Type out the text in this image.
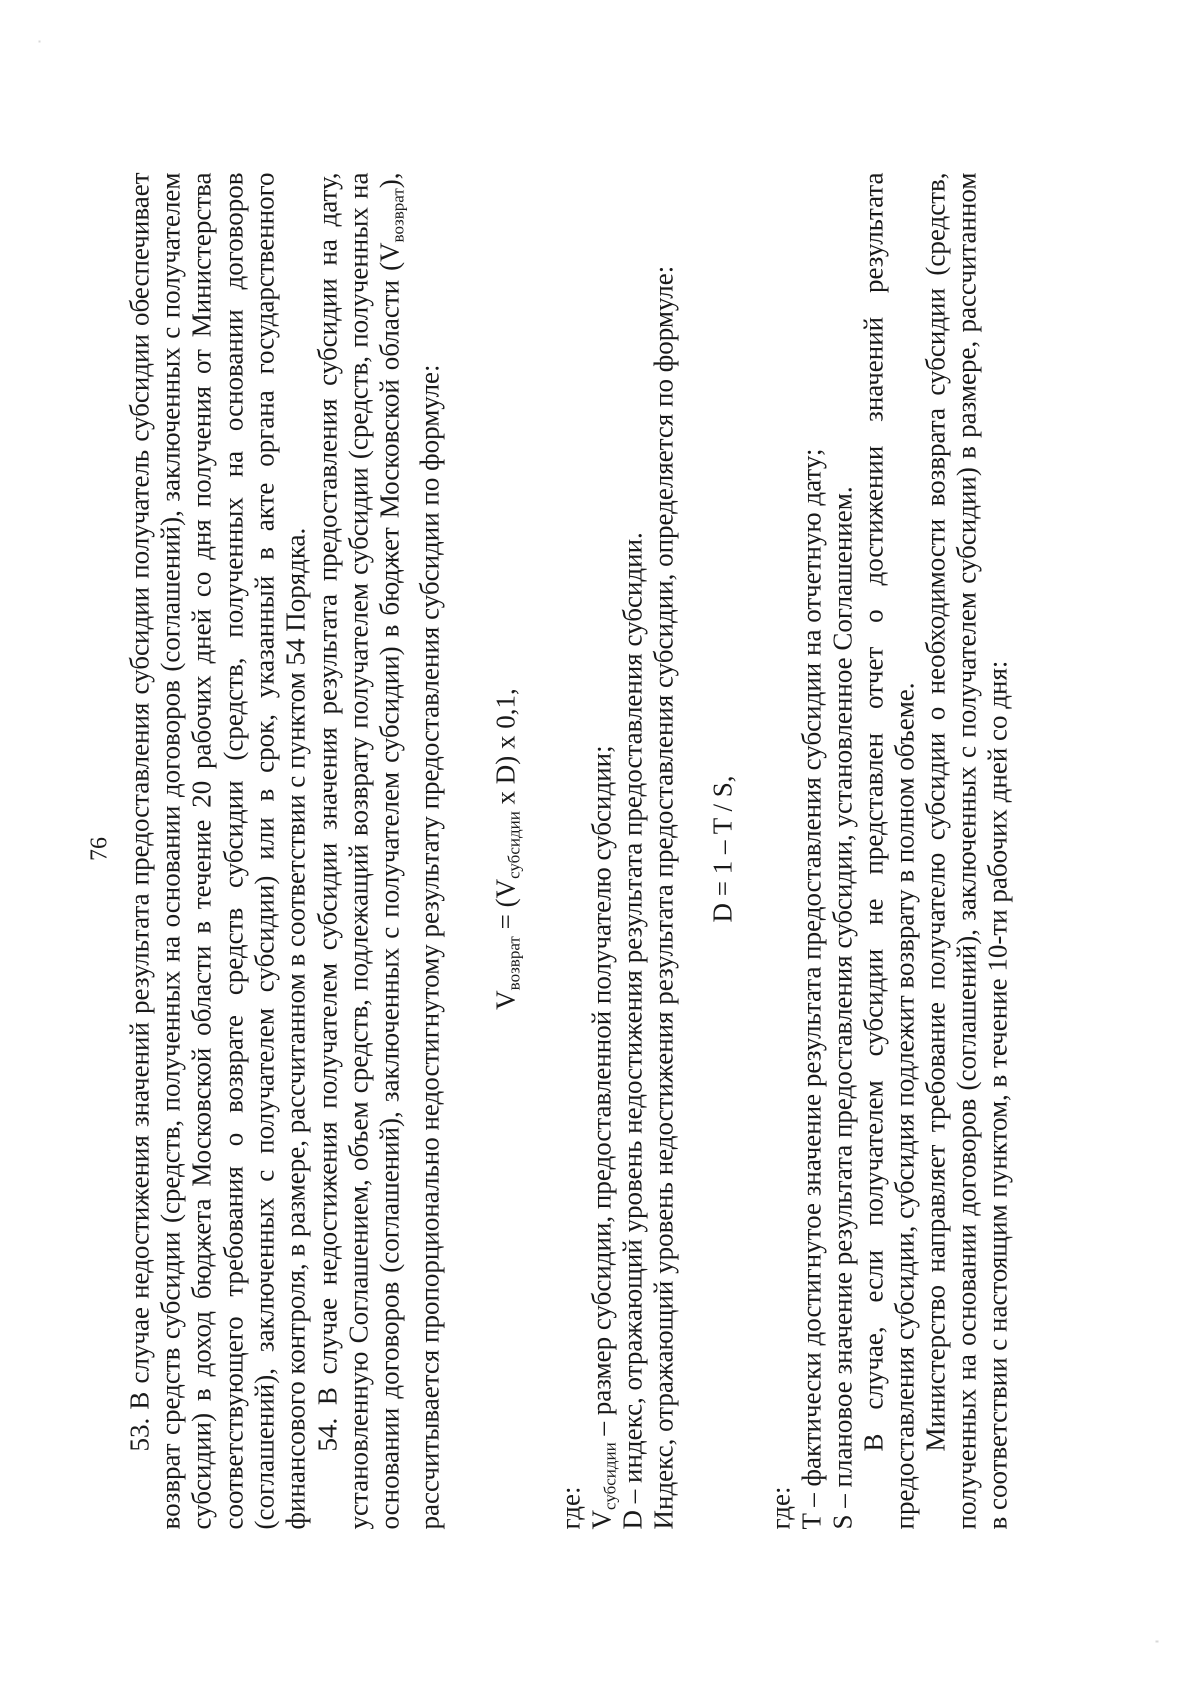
76 53. В случае недостижения значений результата предоставления субсидии получатель субсидии обеспечивает возврат средств субсидии (средств, полученных на основании договоров (соглашений), заключенных с получателем субсидии) в доход бюджета Московской области в течение 20 рабочих дней со дня получения от Министерства соответствующего требования о возврате средств субсидии (средств, полученных на основании договоров (соглашений), заключенных с получателем субсидии) или в срок, указанный в акте органа государственного финансового контроля, в размере, рассчитанном в соответствии с пунктом 54 Порядка. 54. В случае недостижения получателем субсидии значения результата предоставления субсидии на дату, установленную Соглашением, объем средств, подлежащий возврату получателем субсидии (средств, полученных на основании договоров (соглашений), заключенных с получателем субсидии) в бюджет Московской области $(V_{возврат})$, рассчитывается пропорционально недостигнутому результату предоставления субсидии по формуле: $V_{возврат} = (V_{субсидии}$ x D) x 0,1,
где: $V_{субсидии}$ – размер субсидии, предоставленной получателю субсидии; D – индекс, отражающий уровень недостижения результата предоставления субсидии. Индекс, отражающий уровень недостижения результата предоставления субсидии, определяется по формуле: D = 1 – T / S,
где: T – фактически достигнутое значение результата предоставления субсидии на отчетную дату; S – плановое значение результата предоставления субсидии, установленное Соглашением. В случае, если получателем субсидии не представлен отчет о достижении значений результата предоставления субсидии, субсидия подлежит возврату в полном объеме. Министерство направляет требование получателю субсидии о необходимости возврата субсидии (средств, полученных на основании договоров (соглашений), заключенных с получателем субсидии) в размере, рассчитанном в соответствии с настоящим пунктом, в течение 10-ти рабочих дней со дня:
